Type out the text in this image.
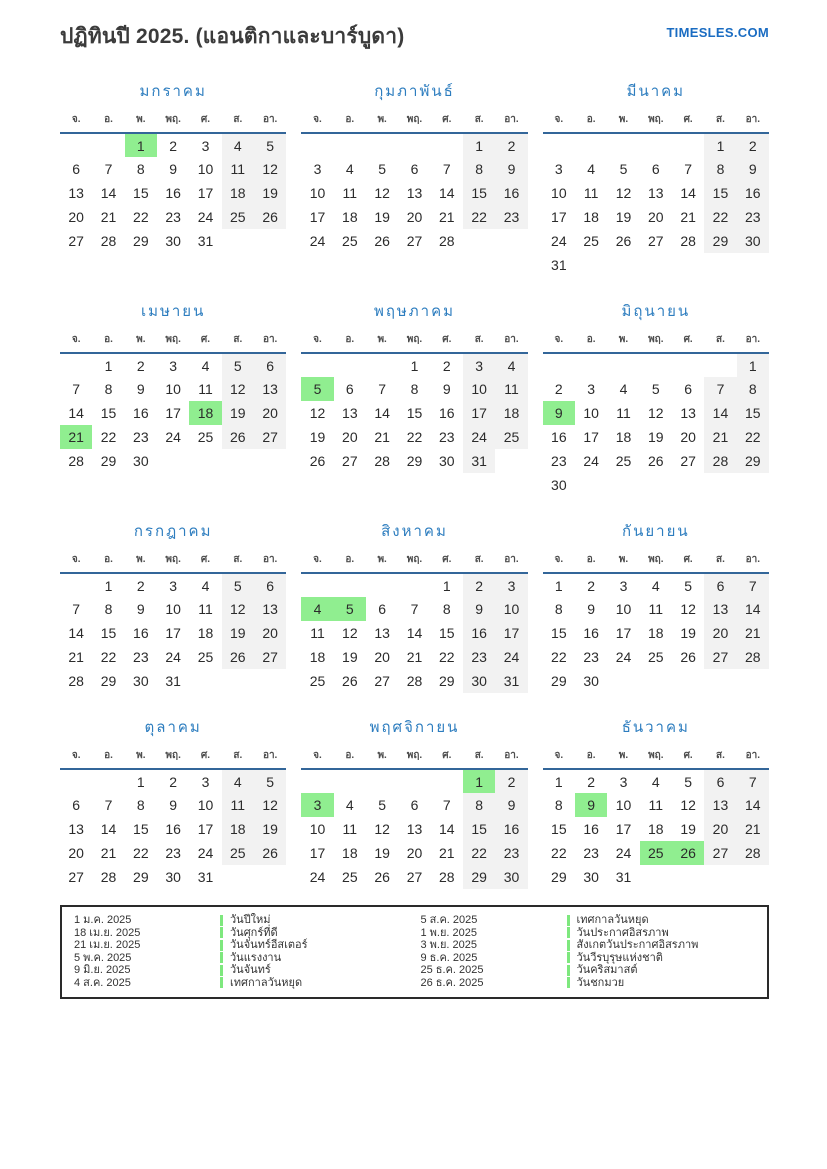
ปฏิทินปี 2025. (แอนติกาและบาร์บูดา)	TIMESLES.COM
มกราคม
จ.	อ.	พ.	พฤ.	ศ.	ส.	อา.
		1	2	3	4	5
6	7	8	9	10	11	12
13	14	15	16	17	18	19
20	21	22	23	24	25	26
27	28	29	30	31		
กุมภาพันธ์
จ.	อ.	พ.	พฤ.	ศ.	ส.	อา.
					1	2
3	4	5	6	7	8	9
10	11	12	13	14	15	16
17	18	19	20	21	22	23
24	25	26	27	28		
มีนาคม
จ.	อ.	พ.	พฤ.	ศ.	ส.	อา.
					1	2
3	4	5	6	7	8	9
10	11	12	13	14	15	16
17	18	19	20	21	22	23
24	25	26	27	28	29	30
31						
เมษายน
จ.	อ.	พ.	พฤ.	ศ.	ส.	อา.
	1	2	3	4	5	6
7	8	9	10	11	12	13
14	15	16	17	18	19	20
21	22	23	24	25	26	27
28	29	30				
พฤษภาคม
จ.	อ.	พ.	พฤ.	ศ.	ส.	อา.
			1	2	3	4
5	6	7	8	9	10	11
12	13	14	15	16	17	18
19	20	21	22	23	24	25
26	27	28	29	30	31	
มิถุนายน
จ.	อ.	พ.	พฤ.	ศ.	ส.	อา.
						1
2	3	4	5	6	7	8
9	10	11	12	13	14	15
16	17	18	19	20	21	22
23	24	25	26	27	28	29
30						
กรกฎาคม
จ.	อ.	พ.	พฤ.	ศ.	ส.	อา.
	1	2	3	4	5	6
7	8	9	10	11	12	13
14	15	16	17	18	19	20
21	22	23	24	25	26	27
28	29	30	31			
สิงหาคม
จ.	อ.	พ.	พฤ.	ศ.	ส.	อา.
				1	2	3
4	5	6	7	8	9	10
11	12	13	14	15	16	17
18	19	20	21	22	23	24
25	26	27	28	29	30	31
กันยายน
จ.	อ.	พ.	พฤ.	ศ.	ส.	อา.
1	2	3	4	5	6	7
8	9	10	11	12	13	14
15	16	17	18	19	20	21
22	23	24	25	26	27	28
29	30					
ตุลาคม
จ.	อ.	พ.	พฤ.	ศ.	ส.	อา.
		1	2	3	4	5
6	7	8	9	10	11	12
13	14	15	16	17	18	19
20	21	22	23	24	25	26
27	28	29	30	31		
พฤศจิกายน
จ.	อ.	พ.	พฤ.	ศ.	ส.	อา.
					1	2
3	4	5	6	7	8	9
10	11	12	13	14	15	16
17	18	19	20	21	22	23
24	25	26	27	28	29	30
ธันวาคม
จ.	อ.	พ.	พฤ.	ศ.	ส.	อา.
1	2	3	4	5	6	7
8	9	10	11	12	13	14
15	16	17	18	19	20	21
22	23	24	25	26	27	28
29	30	31				
1 ม.ค. 2025	วันปีใหม่
18 เม.ย. 2025	วันศุกร์ที่ดี
21 เม.ย. 2025	วันจันทร์อีสเตอร์
5 พ.ค. 2025	วันแรงงาน
9 มิ.ย. 2025	วันจันทร์
4 ส.ค. 2025	เทศกาลวันหยุด
5 ส.ค. 2025	เทศกาลวันหยุด
1 พ.ย. 2025	วันประกาศอิสรภาพ
3 พ.ย. 2025	สังเกตวันประกาศอิสรภาพ
9 ธ.ค. 2025	วันวีรบุรุษแห่งชาติ
25 ธ.ค. 2025	วันคริสมาสต์
26 ธ.ค. 2025	วันชกมวย
